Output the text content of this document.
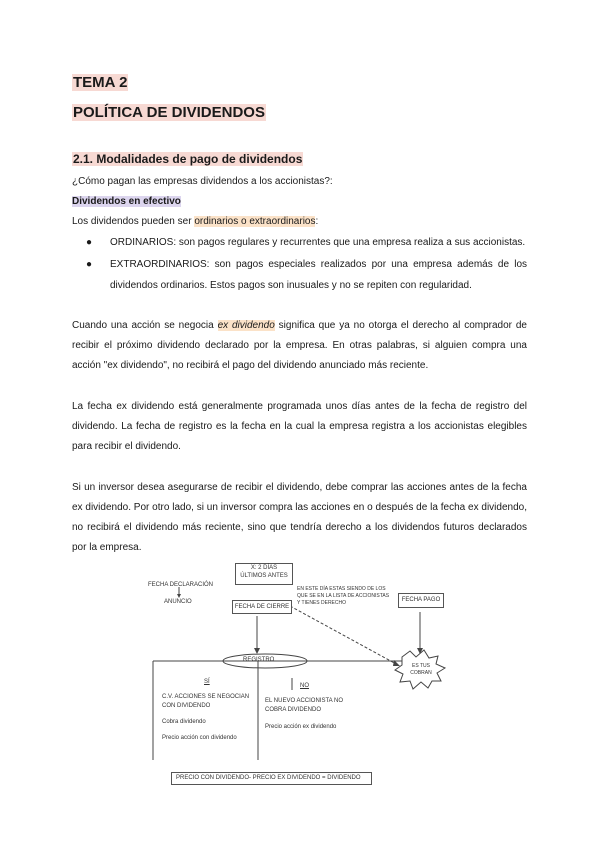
TEMA 2
POLÍTICA DE DIVIDENDOS
2.1. Modalidades de pago de dividendos
¿Cómo pagan las empresas dividendos a los accionistas?:
Dividendos en efectivo
Los dividendos pueden ser ordinarios o extraordinarios:
● ORDINARIOS: son pagos regulares y recurrentes que una empresa realiza a sus accionistas.
● EXTRAORDINARIOS: son pagos especiales realizados por una empresa además de los
dividendos ordinarios. Estos pagos son inusuales y no se repiten con regularidad.
Cuando una acción se negocia ex dividendo significa que ya no otorga el derecho al comprador de
recibir el próximo dividendo declarado por la empresa. En otras palabras, si alguien compra una
acción "ex dividendo", no recibirá el pago del dividendo anunciado más reciente.
La fecha ex dividendo está generalmente programada unos días antes de la fecha de registro del
dividendo. La fecha de registro es la fecha en la cual la empresa registra a los accionistas elegibles
para recibir el dividendo.
Si un inversor desea asegurarse de recibir el dividendo, debe comprar las acciones antes de la fecha
ex dividendo. Por otro lado, si un inversor compra las acciones en o después de la fecha ex dividendo,
no recibirá el dividendo más reciente, sino que tendría derecho a los dividendos futuros declarados
por la empresa.
FECHA DECLARACIÓN
ANUNCIO
X: 2 DÍAS
ÚLTIMOS ANTES
FECHA DE CIERRE
EN ESTE DÍA ESTAS SIENDO DE LOS
QUE SE EN LA LISTA DE ACCIONISTAS
Y TIENES DERECHO	FECHA PAGO
REGISTRO
ES TUS
COBRAN
SÍ
C.V. ACCIONES SE NEGOCIAN
CON DIVIDENDO
Cobra dividendo
Precio acción con dividendo
NO
EL NUEVO ACCIONISTA NO
COBRA DIVIDENDO
Precio acción ex dividendo
PRECIO CON DIVIDENDO- PRECIO EX DIVIDENDO = DIVIDENDO
